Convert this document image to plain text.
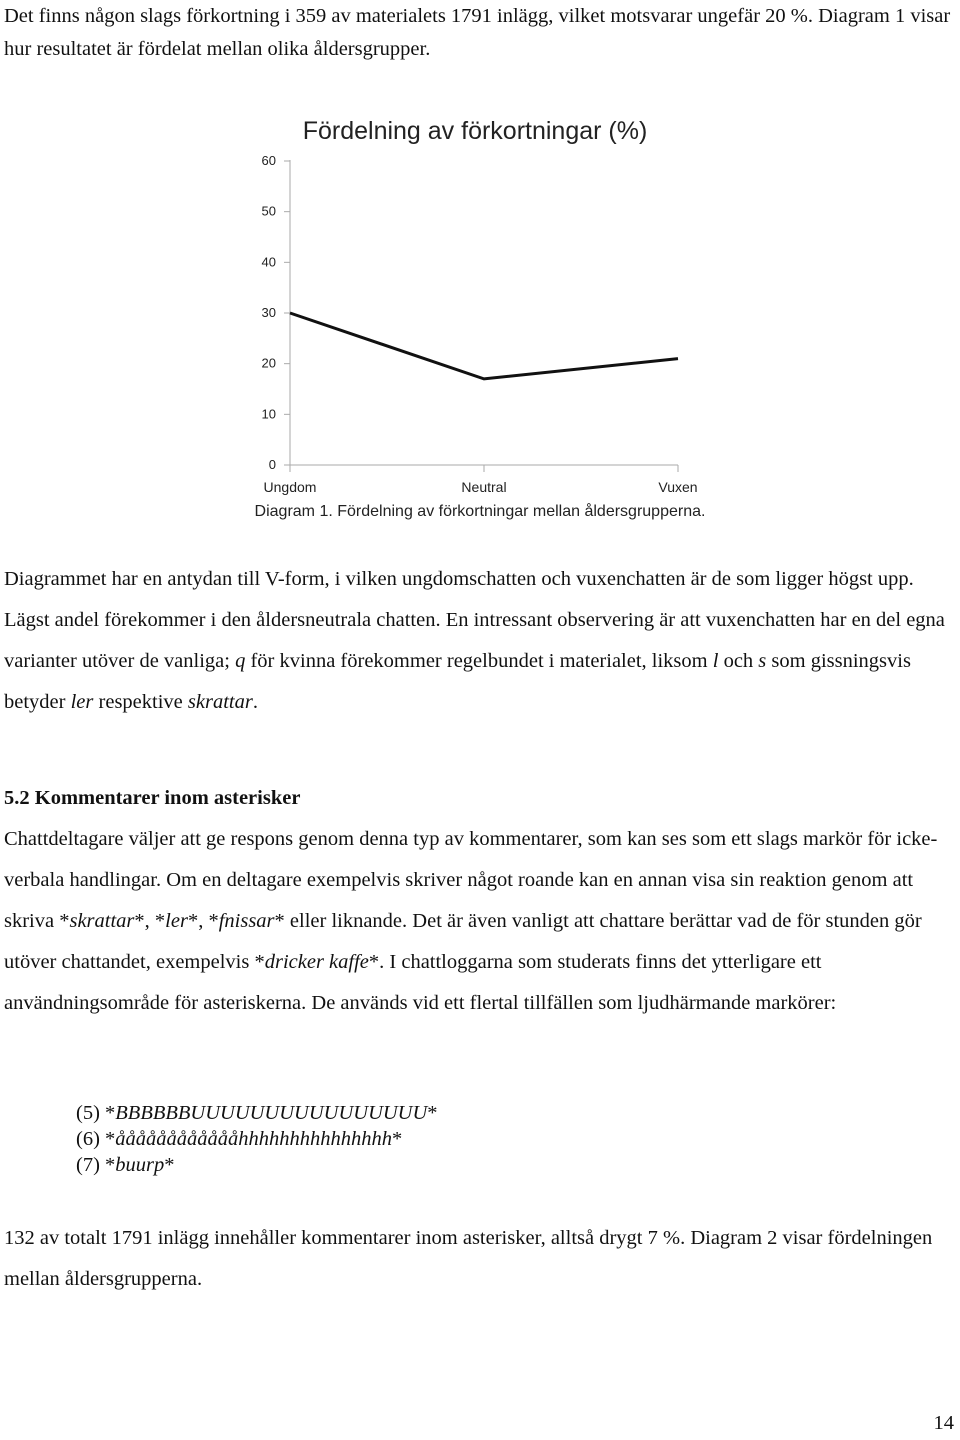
Det finns någon slags förkortning i 359 av materialets 1791 inlägg, vilket motsvarar ungefär 20 %. Diagram 1 visar hur resultatet är fördelat mellan olika åldersgrupper.

Fördelning av förkortningar (%)
0
10
20
30
40
50
60
Ungdom	Neutral	Vuxen
Diagram 1. Fördelning av förkortningar mellan åldersgrupperna.

Diagrammet har en antydan till V-form, i vilken ungdomschatten och vuxenchatten är de som ligger högst upp. Lägst andel förekommer i den åldersneutrala chatten. En intressant observering är att vuxenchatten har en del egna varianter utöver de vanliga; q för kvinna förekommer regelbundet i materialet, liksom l och s som gissningsvis betyder ler respektive skrattar.

5.2 Kommentarer inom asterisker

Chattdeltagare väljer att ge respons genom denna typ av kommentarer, som kan ses som ett slags markör för icke-verbala handlingar. Om en deltagare exempelvis skriver något roande kan en annan visa sin reaktion genom att skriva *skrattar*, *ler*, *fnissar* eller liknande. Det är även vanligt att chattare berättar vad de för stunden gör utöver chattandet, exempelvis *dricker kaffe*. I chattloggarna som studerats finns det ytterligare ett användningsområde för asteriskerna. De används vid ett flertal tillfällen som ljudhärmande markörer:

(5) *BBBBBBUUUUUUUUUUUUUUUU*
(6) *ååååååååååååhhhhhhhhhhhhhhh*
(7) *buurp*

132 av totalt 1791 inlägg innehåller kommentarer inom asterisker, alltså drygt 7 %. Diagram 2 visar fördelningen mellan åldersgrupperna.

14
